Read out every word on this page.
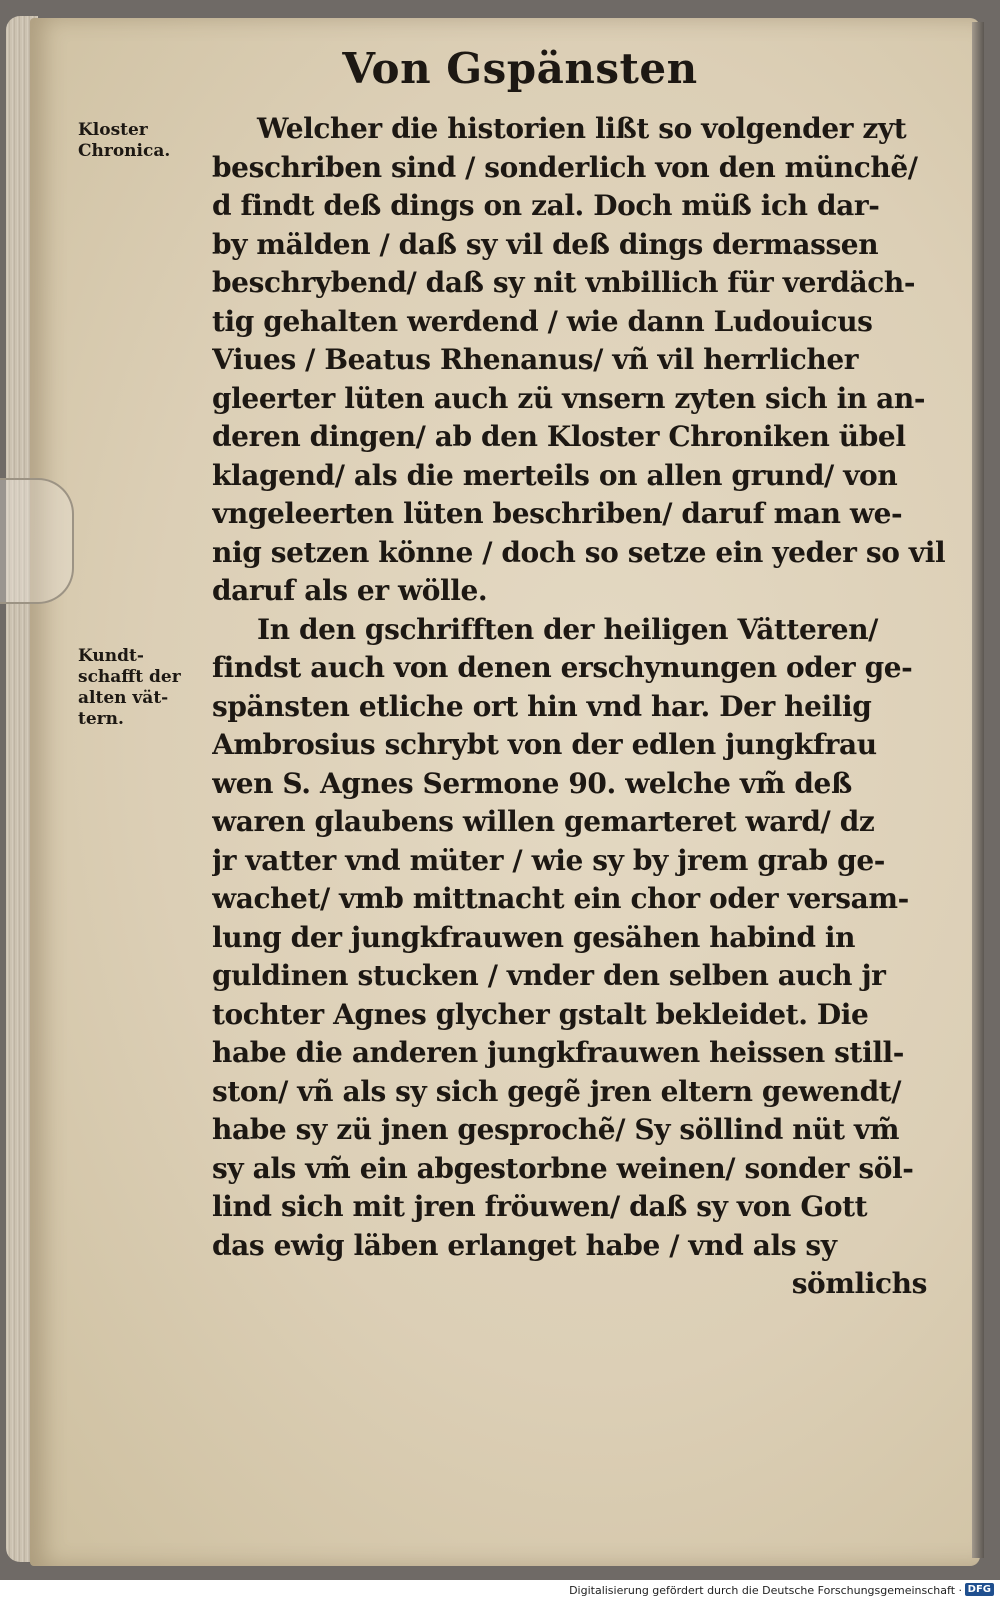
Von Gspänsten
Kloster
Chronica.
Kundt-
schafft der
alten vät-
tern.
Welcher die historien lißt so volgender zyt
beschriben sind / sonderlich von den münchẽ/
d findt deß dings on zal. Doch müß ich dar-
by mälden / daß sy vil deß dings dermassen
beschrybend/ daß sy nit vnbillich für verdäch-
tig gehalten werdend / wie dann Ludouicus
Viues / Beatus Rhenanus/ vñ vil herrlicher
gleerter lüten auch zü vnsern zyten sich in an-
deren dingen/ ab den Kloster Chroniken übel
klagend/ als die merteils on allen grund/ von
vngeleerten lüten beschriben/ daruf man we-
nig setzen könne / doch so setze ein yeder so vil
daruf als er wölle.
In den gschrifften der heiligen Vätteren/
findst auch von denen erschynungen oder ge-
spänsten etliche ort hin vnd har. Der heilig
Ambrosius schrybt von der edlen jungkfrau
wen S. Agnes Sermone 90. welche vm̃ deß
waren glaubens willen gemarteret ward/ dz
jr vatter vnd müter / wie sy by jrem grab ge-
wachet/ vmb mittnacht ein chor oder versam-
lung der jungkfrauwen gesähen habind in
guldinen stucken / vnder den selben auch jr
tochter Agnes glycher gstalt bekleidet. Die
habe die anderen jungkfrauwen heissen still-
ston/ vñ als sy sich gegẽ jren eltern gewendt/
habe sy zü jnen gesprochẽ/ Sy söllind nüt vm̃
sy als vm̃ ein abgestorbne weinen/ sonder söl-
lind sich mit jren fröuwen/ daß sy von Gott
das ewig läben erlanget habe / vnd als sy
sömlichs
Digitalisierung gefördert durch die Deutsche Forschungsgemeinschaft · DFG
